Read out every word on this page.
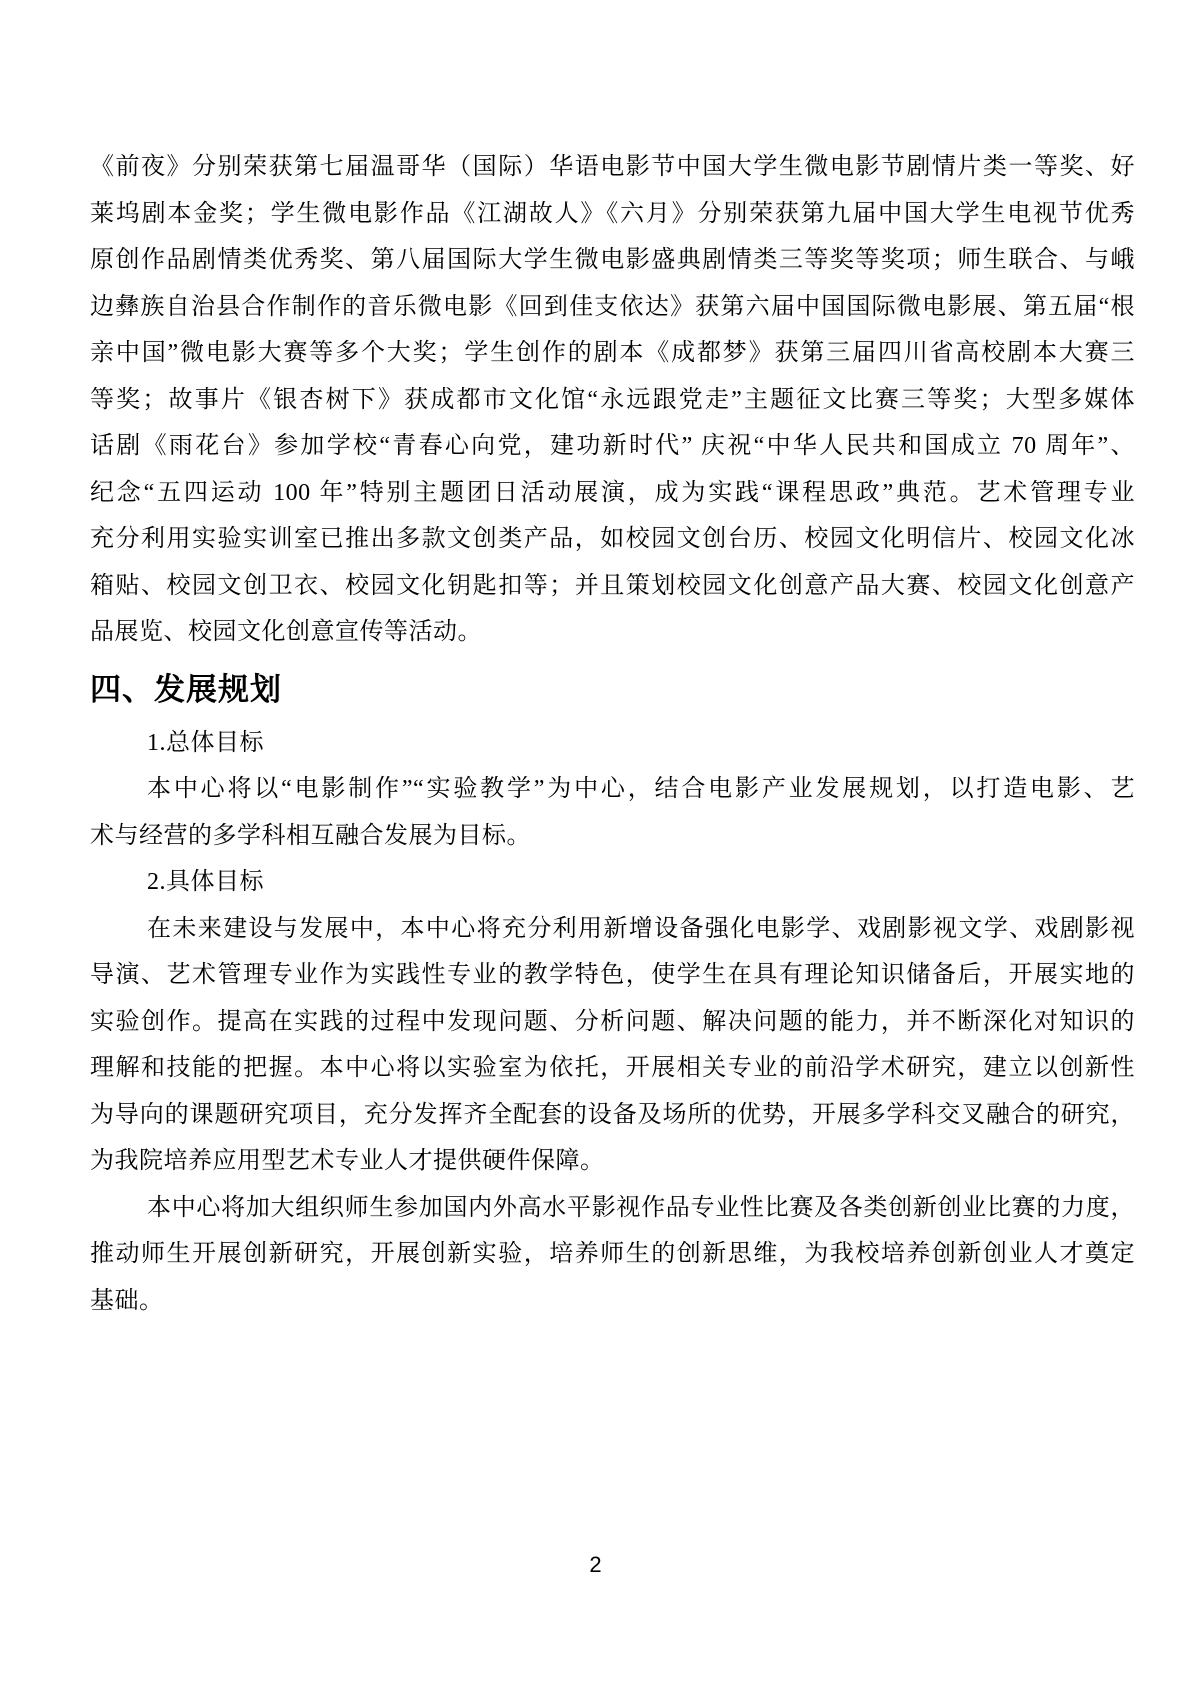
《前夜》分别荣获第七届温哥华（国际）华语电影节中国大学生微电影节剧情片类一等奖、好
莱坞剧本金奖；学生微电影作品《江湖故人》《六月》分别荣获第九届中国大学生电视节优秀
原创作品剧情类优秀奖、第八届国际大学生微电影盛典剧情类三等奖等奖项；师生联合、与峨
边彝族自治县合作制作的音乐微电影《回到佳支依达》获第六届中国国际微电影展、第五届“根
亲中国”微电影大赛等多个大奖；学生创作的剧本《成都梦》获第三届四川省高校剧本大赛三
等奖；故事片《银杏树下》获成都市文化馆“永远跟党走”主题征文比赛三等奖；大型多媒体
话剧《雨花台》参加学校“青春心向党，建功新时代” 庆祝“中华人民共和国成立 70 周年”、
纪念“五四运动 100 年”特别主题团日活动展演，成为实践“课程思政”典范。艺术管理专业
充分利用实验实训室已推出多款文创类产品，如校园文创台历、校园文化明信片、校园文化冰
箱贴、校园文创卫衣、校园文化钥匙扣等；并且策划校园文化创意产品大赛、校园文化创意产
品展览、校园文化创意宣传等活动。
四、发展规划
1.总体目标
本中心将以“电影制作”“实验教学”为中心，结合电影产业发展规划，以打造电影、艺
术与经营的多学科相互融合发展为目标。
2.具体目标
在未来建设与发展中，本中心将充分利用新增设备强化电影学、戏剧影视文学、戏剧影视
导演、艺术管理专业作为实践性专业的教学特色，使学生在具有理论知识储备后，开展实地的
实验创作。提高在实践的过程中发现问题、分析问题、解决问题的能力，并不断深化对知识的
理解和技能的把握。本中心将以实验室为依托，开展相关专业的前沿学术研究，建立以创新性
为导向的课题研究项目，充分发挥齐全配套的设备及场所的优势，开展多学科交叉融合的研究，
为我院培养应用型艺术专业人才提供硬件保障。
本中心将加大组织师生参加国内外高水平影视作品专业性比赛及各类创新创业比赛的力度，
推动师生开展创新研究，开展创新实验，培养师生的创新思维，为我校培养创新创业人才奠定
基础。
2
